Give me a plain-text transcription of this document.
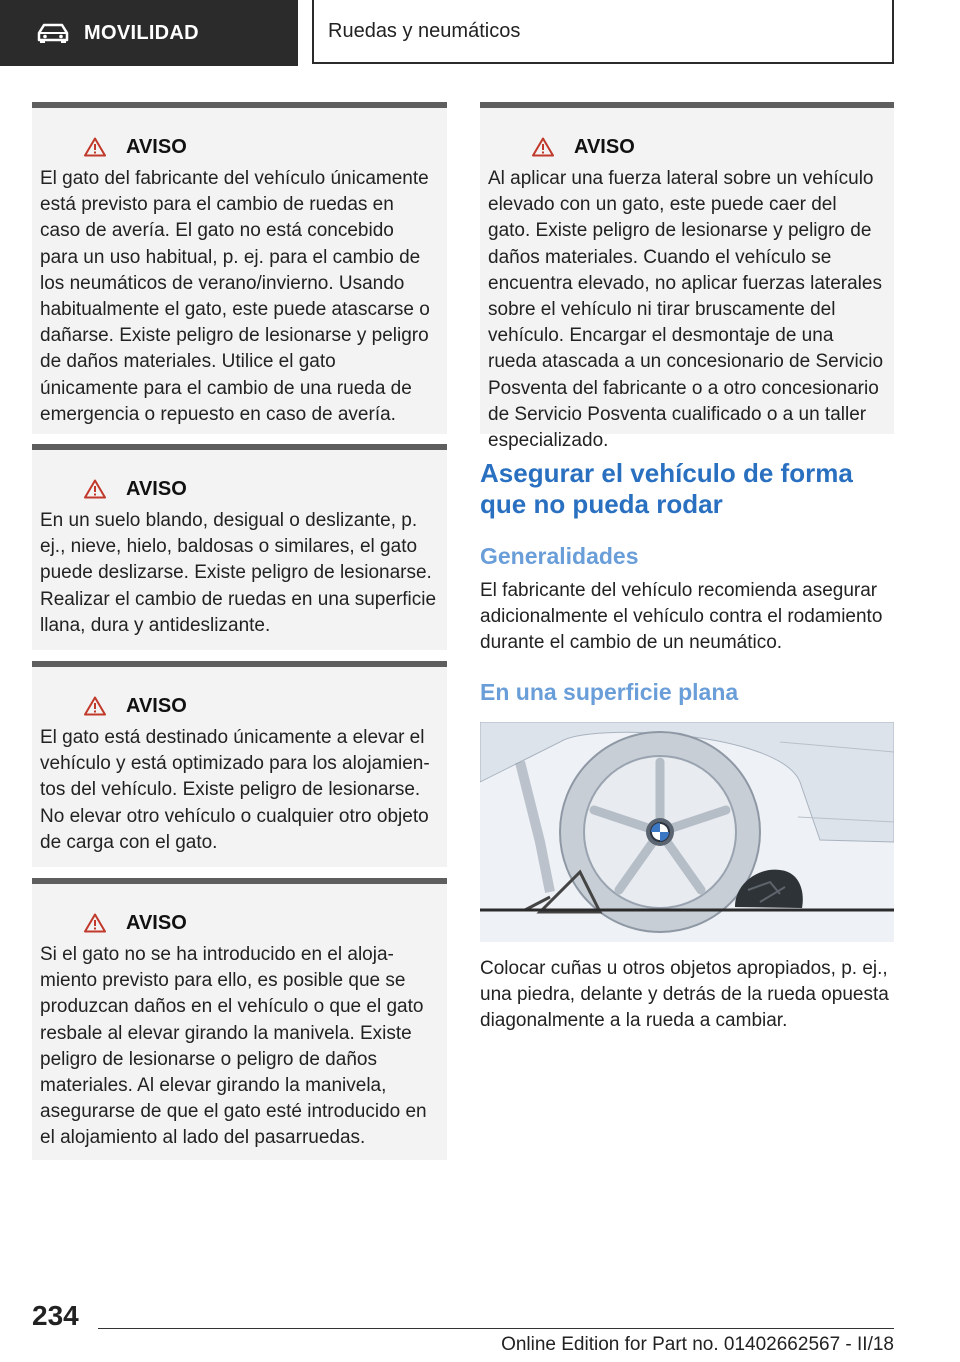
MOVILIDAD	Ruedas y neumáticos
AVISO

El gato del fabricante del vehículo únicamente está previsto para el cambio de ruedas en caso de avería. El gato no está concebido para un uso habitual, p. ej. para el cambio de los neumáticos de verano/invierno. Usando habitualmente el gato, este puede atascarse o dañarse. Existe peligro de lesionarse y peligro de daños materiales. Utilice el gato únicamente para el cambio de una rueda de emergencia o repuesto en caso de avería.

AVISO

En un suelo blando, desigual o deslizante, p. ej., nieve, hielo, baldosas o similares, el gato puede deslizarse. Existe peligro de lesionarse. Realizar el cambio de ruedas en una superficie llana, dura y antideslizante.

AVISO

El gato está destinado únicamente a elevar el vehículo y está optimizado para los alojamientos del vehículo. Existe peligro de lesionarse. No elevar otro vehículo o cualquier otro objeto de carga con el gato.

AVISO

Si el gato no se ha introducido en el alojamiento previsto para ello, es posible que se produzcan daños en el vehículo o que el gato resbale al elevar girando la manivela. Existe peligro de lesionarse o peligro de daños materiales. Al elevar girando la manivela, asegurarse de que el gato esté introducido en el alojamiento al lado del pasarruedas.

AVISO

Al aplicar una fuerza lateral sobre un vehículo elevado con un gato, este puede caer del gato. Existe peligro de lesionarse y peligro de daños materiales. Cuando el vehículo se encuentra elevado, no aplicar fuerzas laterales sobre el vehículo ni tirar bruscamente del vehículo. Encargar el desmontaje de una rueda atascada a un concesionario de Servicio Posventa del fabricante o a otro concesionario de Servicio Posventa cualificado o a un taller especializado.

Asegurar el vehículo de forma que no pueda rodar
Generalidades

El fabricante del vehículo recomienda asegurar adicionalmente el vehículo contra el rodamiento durante el cambio de un neumático.

En una superficie plana

Colocar cuñas u otros objetos apropiados, p. ej., una piedra, delante y detrás de la rueda opuesta diagonalmente a la rueda a cambiar.

234
Online Edition for Part no. 01402662567 - II/18
